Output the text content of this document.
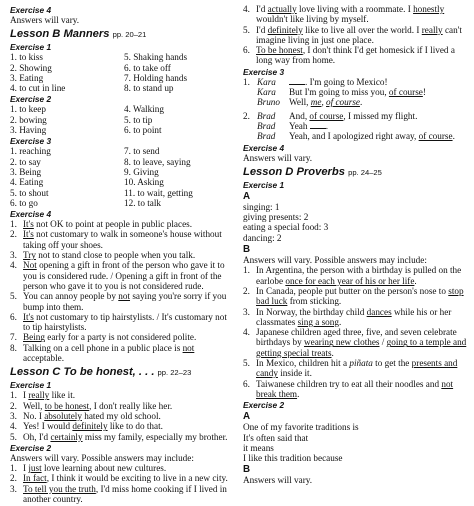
Exercise 4
Answers will vary.
Lesson B Manners pp. 20–21
Exercise 1
1. to kiss	5. Shaking hands
2. Showing	6. to take off
3. Eating	7. Holding hands
4. to cut in line	8. to stand up
Exercise 2
1. to keep	4. Walking
2. bowing	5. to tip
3. Having	6. to point
Exercise 3
1. reaching	7. to send
2. to say	8. to leave, saying
3. Being	9. Giving
4. Eating	10. Asking
5. to shout	11. to wait, getting
6. to go	12. to talk
Exercise 4
1. It's not OK to point at people in public places.
2. It's not customary to walk in someone's house without taking off your shoes.
3. Try not to stand close to people when you talk.
4. Not opening a gift in front of the person who gave it to you is considered rude. / Opening a gift in front of the person who gave it to you is not considered rude.
5. You can annoy people by not saying you're sorry if you bump into them.
6. It's not customary to tip hairstylists. / It's customary not to tip hairstylists.
7. Being early for a party is not considered polite.
8. Talking on a cell phone in a public place is not acceptable.
Lesson C To be honest, . . . pp. 22–23
Exercise 1
1. I really like it.
2. Well, to be honest, I don't really like her.
3. No. I absolutely hated my old school.
4. Yes! I would definitely like to do that.
5. Oh, I'd certainly miss my family, especially my brother.
Exercise 2
Answers will vary. Possible answers may include:
1. I just love learning about new cultures.
2. In fact, I think it would be exciting to live in a new city.
3. To tell you the truth, I'd miss home cooking if I lived in another country.
4. I'd actually love living with a roommate. I honestly wouldn't like living by myself.
5. I'd definitely like to live all over the world. I really can't imagine living in just one place.
6. To be honest, I don't think I'd get homesick if I lived a long way from home.
Exercise 3
1. Kara	. I'm going to Mexico!
Kara	But I'm going to miss you, of course!
Bruno Well, me, of course.
2. Brad	And, of course, I missed my flight.
Brad	Yeah .
Brad	Yeah, and I apologized right away, of course.
Exercise 4
Answers will vary.
Lesson D Proverbs pp. 24–25
Exercise 1
A
singing: 1
giving presents: 2
eating a special food: 3
dancing: 2
B
Answers will vary. Possible answers may include:
1. In Argentina, the person with a birthday is pulled on the earlobe once for each year of his or her life.
2. In Canada, people put butter on the person's nose to stop bad luck from sticking.
3. In Norway, the birthday child dances while his or her classmates sing a song.
4. Japanese children aged three, five, and seven celebrate birthdays by wearing new clothes / going to a temple and getting special treats.
5. In Mexico, children hit a piñata to get the presents and candy inside it.
6. Taiwanese children try to eat all their noodles and not break them.
Exercise 2
A
One of my favorite traditions is
It's often said that
it means
I like this tradition because
B
Answers will vary.
